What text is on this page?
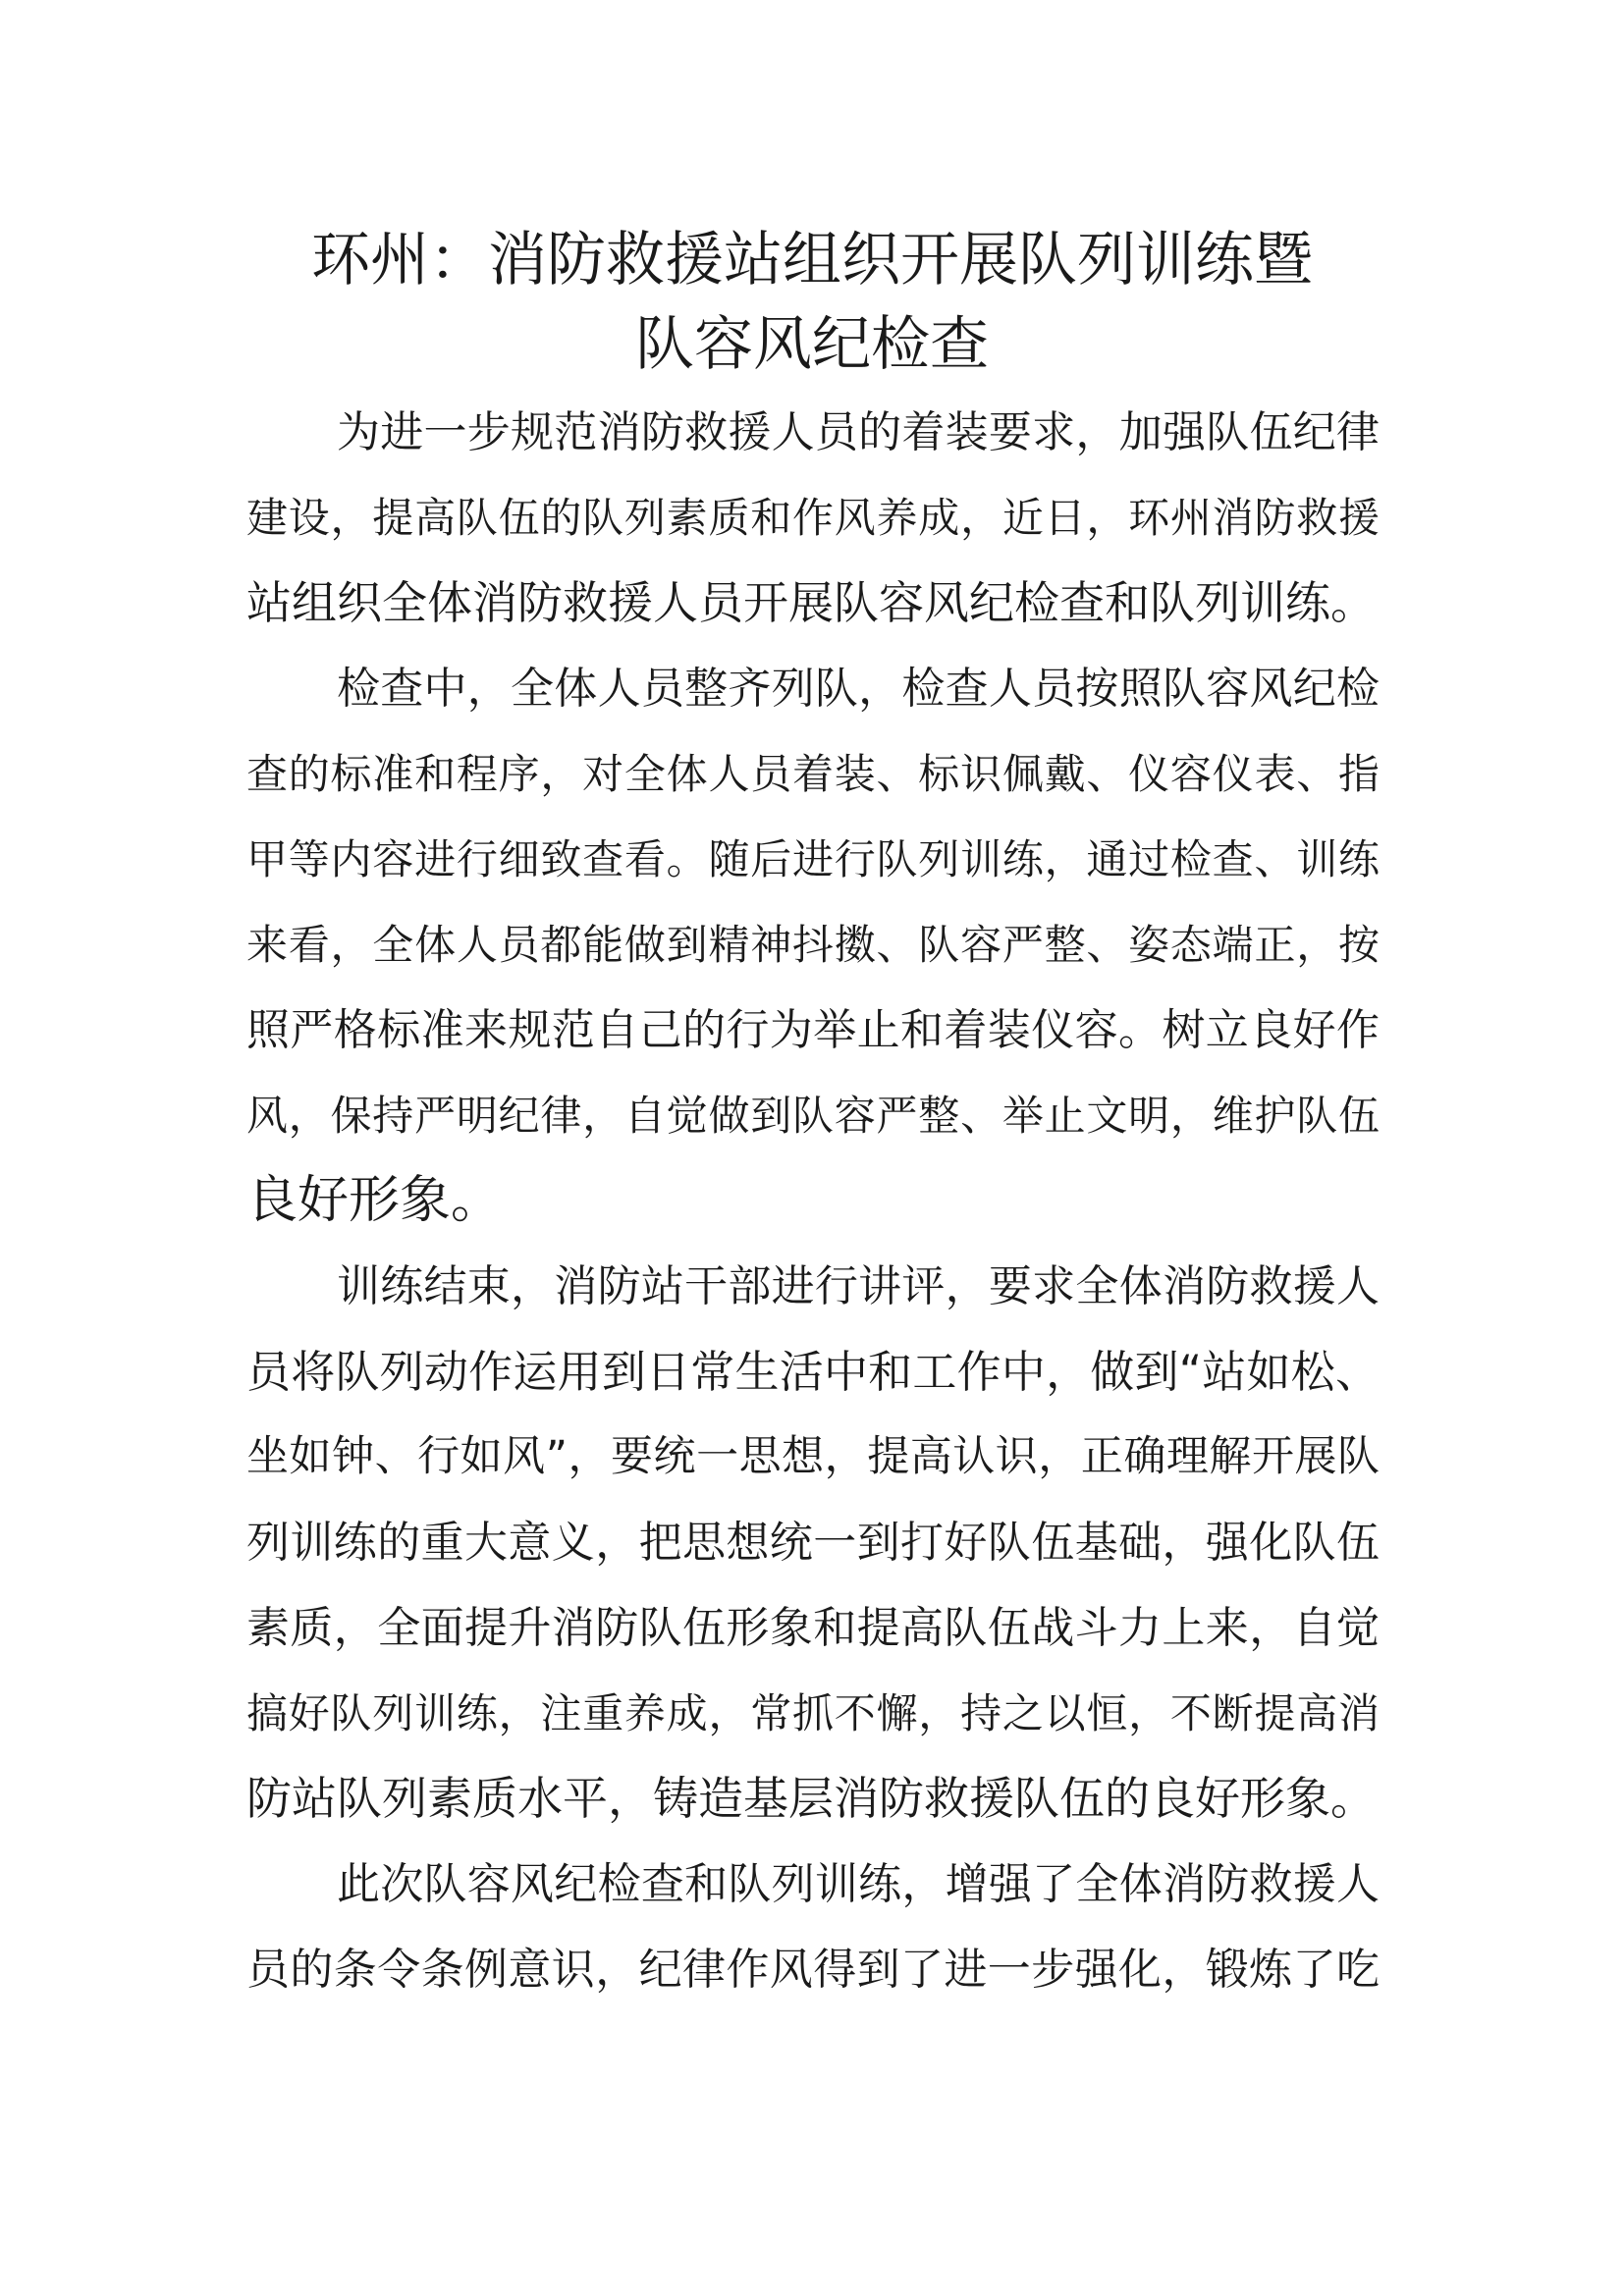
环州：消防救援站组织开展队列训练暨
队容风纪检查
为进一步规范消防救援人员的着装要求，加强队伍纪律
建设，提高队伍的队列素质和作风养成，近日，环州消防救援
站组织全体消防救援人员开展队容风纪检查和队列训练。
检查中，全体人员整齐列队，检查人员按照队容风纪检
查的标准和程序，对全体人员着装、标识佩戴、仪容仪表、指
甲等内容进行细致查看。随后进行队列训练，通过检查、训练
来看，全体人员都能做到精神抖擞、队容严整、姿态端正，按
照严格标准来规范自己的行为举止和着装仪容。树立良好作
风，保持严明纪律，自觉做到队容严整、举止文明，维护队伍
良好形象。
训练结束，消防站干部进行讲评，要求全体消防救援人
员将队列动作运用到日常生活中和工作中，做到“站如松、
坐如钟、行如风”，要统一思想，提高认识，正确理解开展队
列训练的重大意义，把思想统一到打好队伍基础，强化队伍
素质，全面提升消防队伍形象和提高队伍战斗力上来，自觉
搞好队列训练，注重养成，常抓不懈，持之以恒，不断提高消
防站队列素质水平，铸造基层消防救援队伍的良好形象。
此次队容风纪检查和队列训练，增强了全体消防救援人
员的条令条例意识，纪律作风得到了进一步强化，锻炼了吃
